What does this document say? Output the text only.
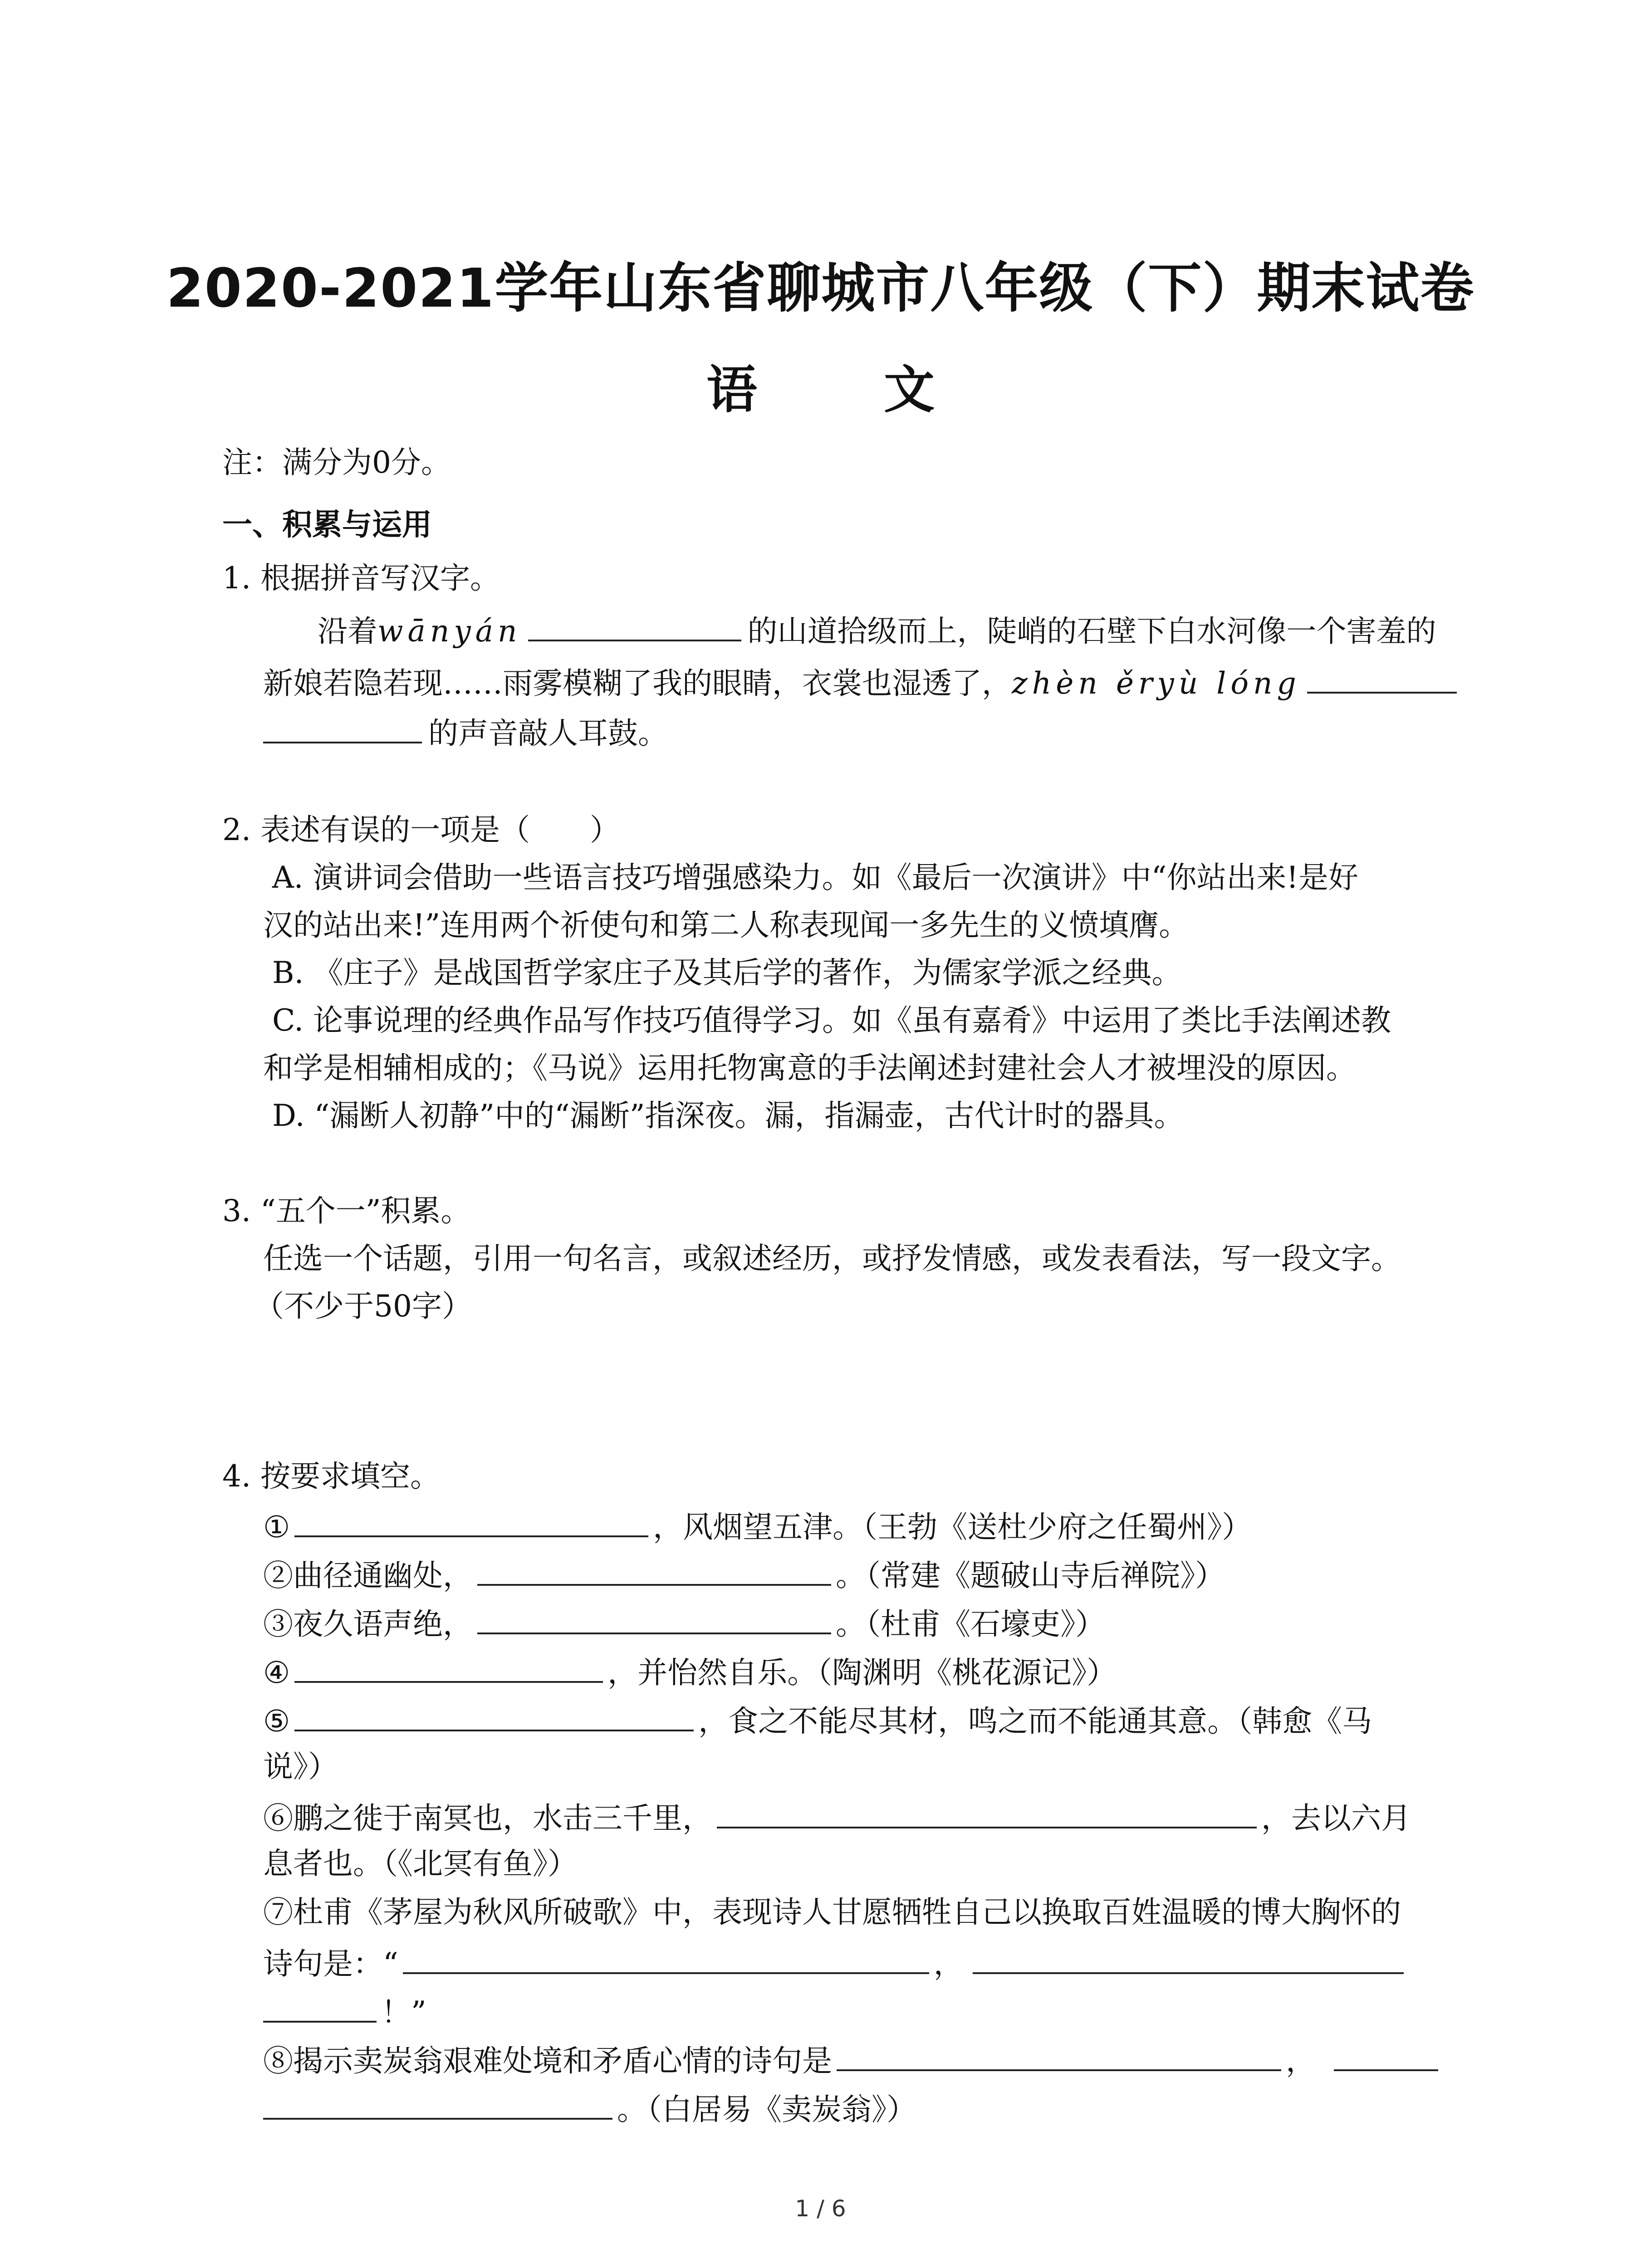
2020-2021学年山东省聊城市八年级（下）期末试卷
语 文
注：满分为0分。
一、积累与运用
1. 根据拼音写汉字。
沿着wānyán	的山道拾级而上，陡峭的石壁下白水河像一个害羞的
新娘若隐若现……雨雾模糊了我的眼睛，衣裳也湿透了，zhèn ěryù lóng
的声音敲人耳鼓。
2. 表述有误的一项是（　　）
A. 演讲词会借助一些语言技巧增强感染力。如《最后一次演讲》中“你站出来!是好
汉的站出来!”连用两个祈使句和第二人称表现闻一多先生的义愤填膺。
B. 《庄子》是战国哲学家庄子及其后学的著作，为儒家学派之经典。
C. 论事说理的经典作品写作技巧值得学习。如《虽有嘉肴》中运用了类比手法阐述教
和学是相辅相成的；《马说》运用托物寓意的手法阐述封建社会人才被埋没的原因。
D. “漏断人初静”中的“漏断”指深夜。漏，指漏壶，古代计时的器具。
3. “五个一”积累。
任选一个话题，引用一句名言，或叙述经历，或抒发情感，或发表看法，写一段文字。
（不少于50字）
4. 按要求填空。
①	，风烟望五津。（王勃《送杜少府之任蜀州》）
②曲径通幽处，	。（常建《题破山寺后禅院》）
③夜久语声绝，	。（杜甫《石壕吏》）
④	，并怡然自乐。（陶渊明《桃花源记》）
⑤	，食之不能尽其材，鸣之而不能通其意。（韩愈《马
说》）
⑥鹏之徙于南冥也，水击三千里，	，去以六月
息者也。（《北冥有鱼》）
⑦杜甫《茅屋为秋风所破歌》中，表现诗人甘愿牺牲自己以换取百姓温暖的博大胸怀的
诗句是：“	，
！”
⑧揭示卖炭翁艰难处境和矛盾心情的诗句是	，
。（白居易《卖炭翁》）
1 / 6
